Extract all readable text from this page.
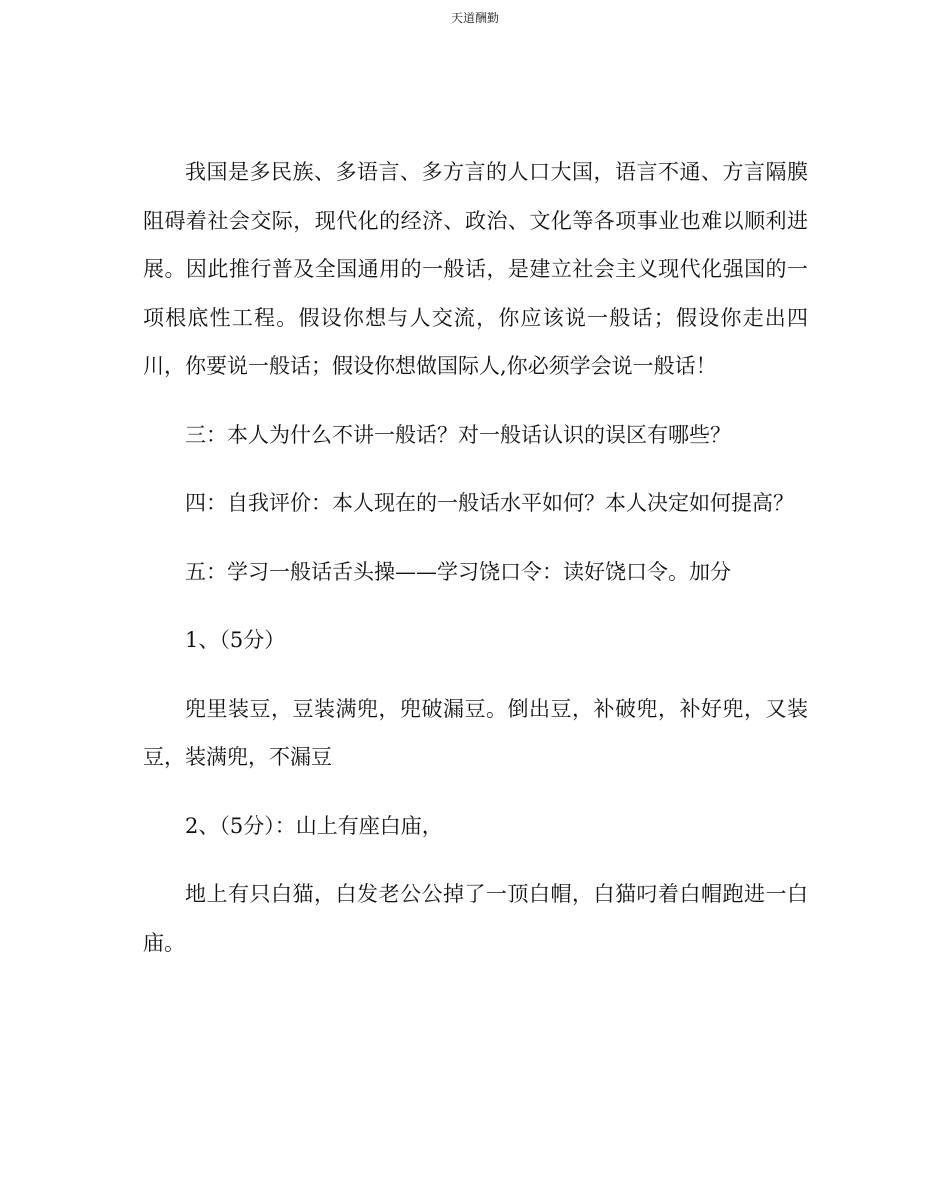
天道酬勤

我国是多民族、多语言、多方言的人口大国，语言不通、方言隔膜阻碍着社会交际，现代化的经济、政治、文化等各项事业也难以顺利进展。因此推行普及全国通用的一般话，是建立社会主义现代化强国的一项根底性工程。假设你想与人交流，你应该说一般话；假设你走出四川，你要说一般话；假设你想做国际人,你必须学会说一般话！

三：本人为什么不讲一般话？对一般话认识的误区有哪些？

四：自我评价：本人现在的一般话水平如何？本人决定如何提高？

五：学习一般话舌头操——学习饶口令：读好饶口令。加分

1、（5分）

兜里装豆，豆装满兜，兜破漏豆。倒出豆，补破兜，补好兜，又装豆，装满兜，不漏豆

2、（5分）：山上有座白庙，

地上有只白猫，白发老公公掉了一顶白帽，白猫叼着白帽跑进一白庙。
